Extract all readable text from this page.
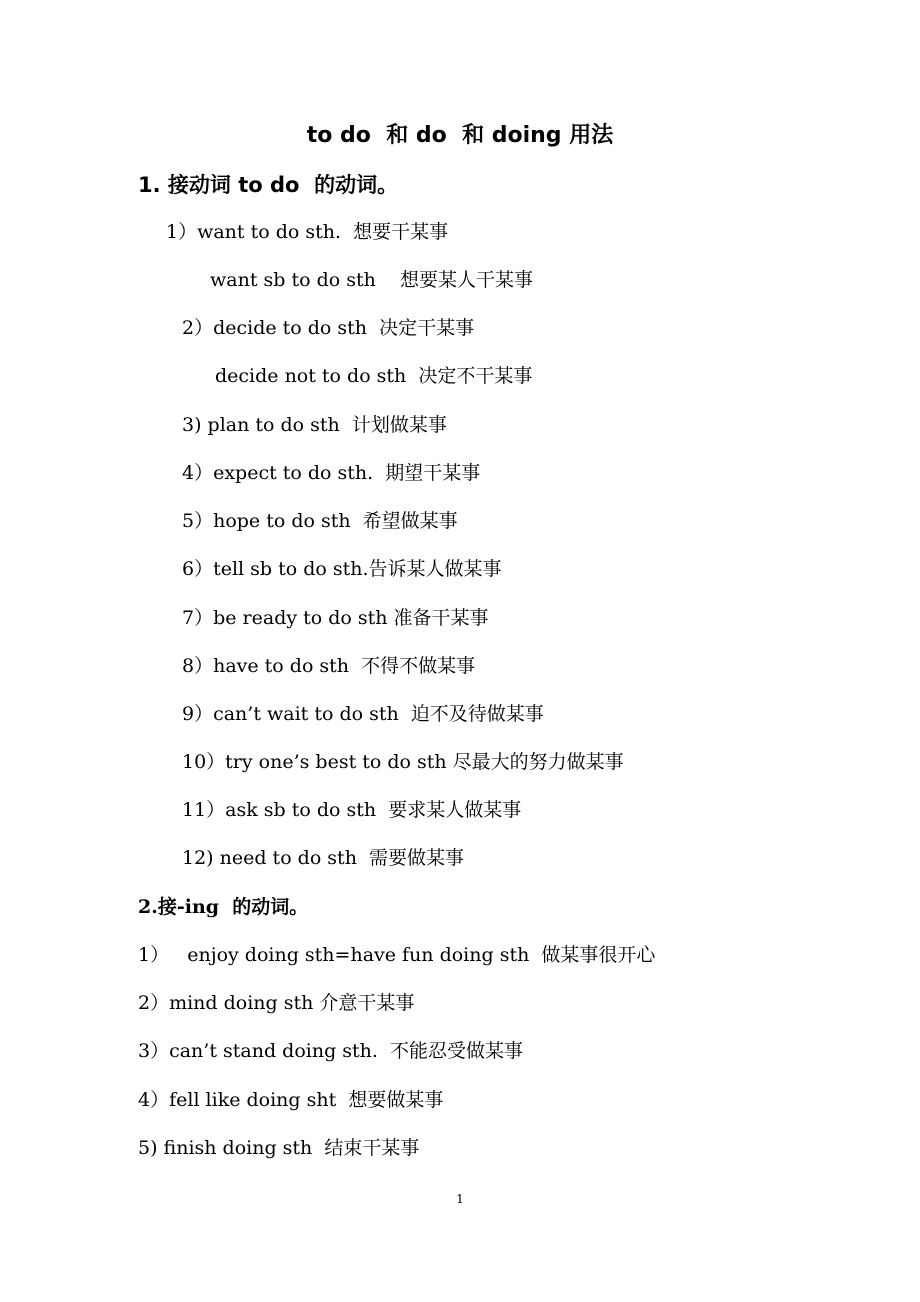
to do  和 do  和 doing 用法
1. 接动词 to do  的动词。
1）want to do sth.  想要干某事
want sb to do sth    想要某人干某事
2）decide to do sth  决定干某事
decide not to do sth  决定不干某事
3) plan to do sth  计划做某事
4）expect to do sth.  期望干某事
5）hope to do sth  希望做某事
6）tell sb to do sth.告诉某人做某事
7）be ready to do sth 准备干某事
8）have to do sth  不得不做某事
9）can’t wait to do sth  迫不及待做某事
10）try one’s best to do sth 尽最大的努力做某事
11）ask sb to do sth  要求某人做某事
12) need to do sth  需要做某事
2.接-ing  的动词。
1）   enjoy doing sth=have fun doing sth  做某事很开心
2）mind doing sth 介意干某事
3）can’t stand doing sth.  不能忍受做某事
4）fell like doing sht  想要做某事
5) finish doing sth  结束干某事
1
